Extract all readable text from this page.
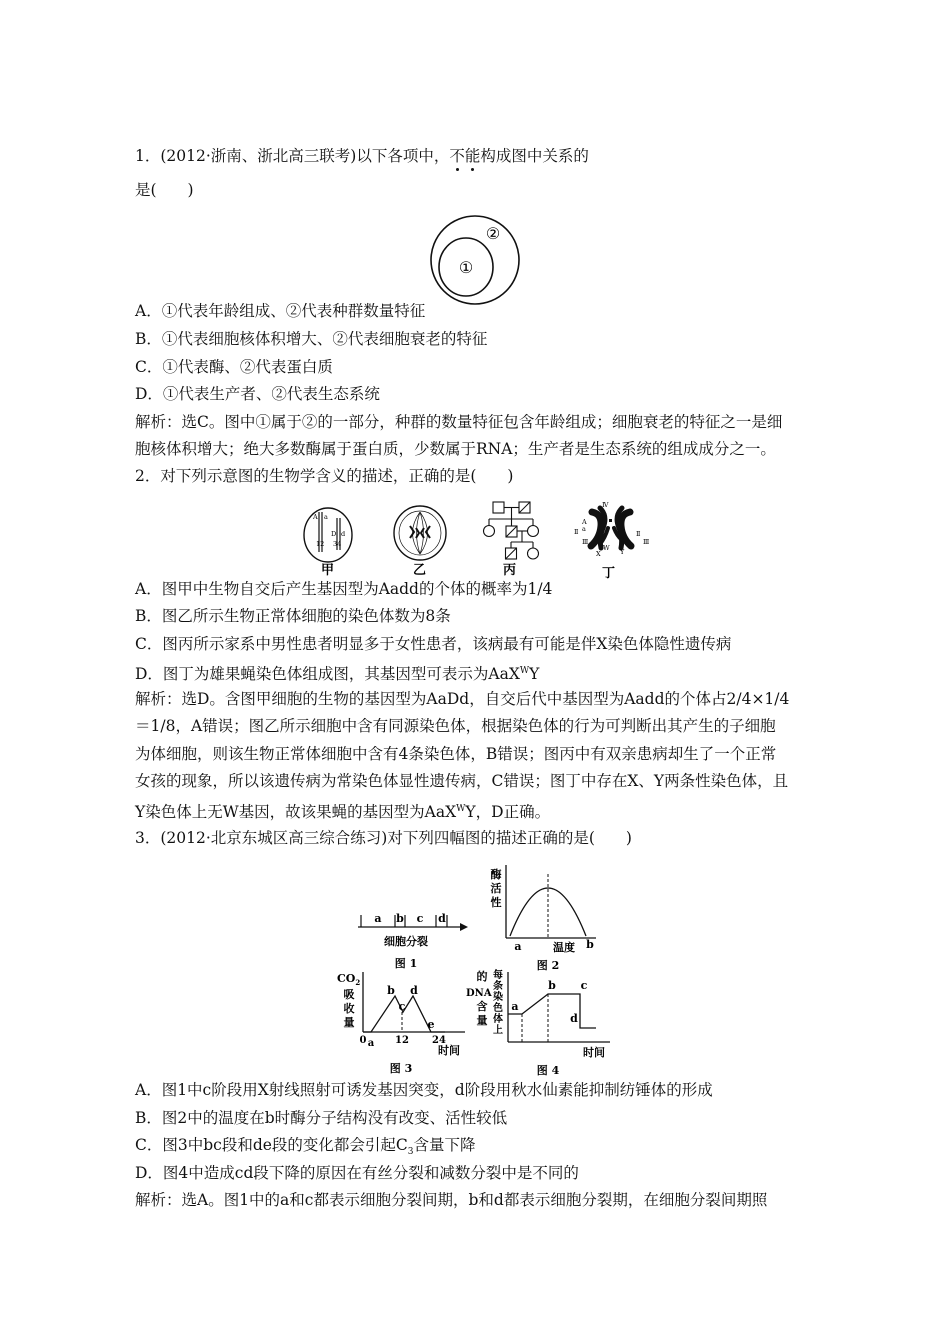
1．(2012·浙南、浙北高三联考)以下各项中，不能构成图中关系的
是(　　)
①
②
A．①代表年龄组成、②代表种群数量特征
B．①代表细胞核体积增大、②代表细胞衰老的特征
C．①代表酶、②代表蛋白质
D．①代表生产者、②代表生态系统
解析：选C。图中①属于②的一部分，种群的数量特征包含年龄组成；细胞衰老的特征之一是细
胞核体积增大；绝大多数酶属于蛋白质，少数属于RNA；生产者是生态系统的组成成分之一。
2．对下列示意图的生物学含义的描述，正确的是(　　)
A a
12
D d
34
Ⅳ
Ⅱ
Ⅲ
Ⅱ
Ⅲ
A
a
W
X	Y
甲	乙	丙	丁
A．图甲中生物自交后产生基因型为Aadd的个体的概率为1/4
B．图乙所示生物正常体细胞的染色体数为8条
C．图丙所示家系中男性患者明显多于女性患者，该病最有可能是伴X染色体隐性遗传病
D．图丁为雄果蝇染色体组成图，其基因型可表示为AaX$^W$Y
解析：选D。含图甲细胞的生物的基因型为AaDd，自交后代中基因型为Aadd的个体占2/4×1/4
＝1/8，A错误；图乙所示细胞中含有同源染色体，根据染色体的行为可判断出其产生的子细胞
为体细胞，则该生物正常体细胞中含有4条染色体，B错误；图丙中有双亲患病却生了一个正常
女孩的现象，所以该遗传病为常染色体显性遗传病，C错误；图丁中存在X、Y两条性染色体，且
Y染色体上无W基因，故该果蝇的基因型为AaX$^W$Y，D正确。
3．(2012·北京东城区高三综合练习)对下列四幅图的描述正确的是(　　)
a b c d
细胞分裂
图 1
酶
活
性
a	温度 b
图 2
$CO_2$
吸
收
量
b d
c
e
0 a 12 24
时间
图 3
的
DNA
含
量
每
条
染
色
体
上
a
b c
d
时间
图 4
A．图1中c阶段用X射线照射可诱发基因突变，d阶段用秋水仙素能抑制纺锤体的形成
B．图2中的温度在b时酶分子结构没有改变、活性较低
C．图3中bc段和de段的变化都会引起$C_3$含量下降
D．图4中造成cd段下降的原因在有丝分裂和减数分裂中是不同的
解析：选A。图1中的a和c都表示细胞分裂间期，b和d都表示细胞分裂期，在细胞分裂间期照
